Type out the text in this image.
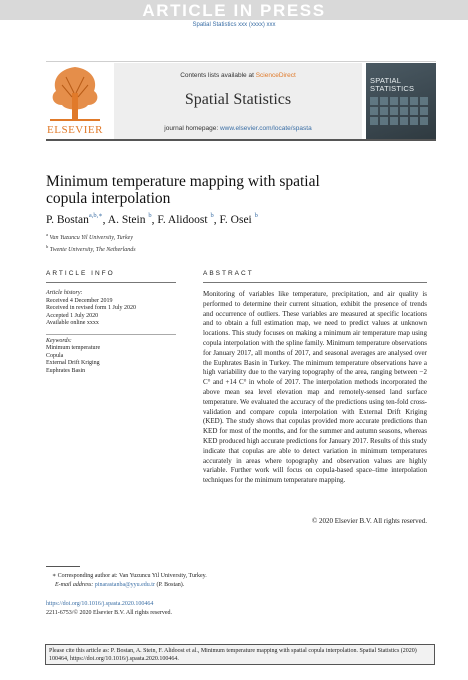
ARTICLE IN PRESS
Spatial Statistics xxx (xxxx) xxx
ELSEVIER
Contents lists available at ScienceDirect
Spatial Statistics
journal homepage: www.elsevier.com/locate/spasta
SPATIAL
STATISTICS
Minimum temperature mapping with spatial copula interpolation
P. Bostan$^{a,b,∗}$, A. Stein $^b$, F. Alidoost $^b$, F. Osei $^b$
$^a$ Van Yuzuncu Yil University, Turkey
$^b$ Twente University, The Netherlands
ARTICLE INFO	ABSTRACT
Article history:
Received 4 December 2019
Received in revised form 1 July 2020
Accepted 1 July 2020
Available online xxxx
Keywords:
Minimum temperature
Copula
External Drift Kriging
Euphrates Basin
Monitoring of variables like temperature, precipitation, and air quality is performed to determine their current situation, exhibit the presence of trends and occurrence of outliers. These variables are measured at specific locations and to obtain a full estimation map, we need to predict values at unknown locations. This study focuses on making a minimum air temperature map using copula interpolation with the spline family. Minimum temperature observations for January 2017, all months of 2017, and seasonal averages are analysed over the Euphrates Basin in Turkey. The minimum temperature observations have a high variability due to the varying topography of the area, ranging between −2 C° and +14 C° in whole of 2017. The interpolation methods incorporated the above mean sea level elevation map and remotely-sensed land surface temperature. We evaluated the accuracy of the predictions using ten-fold cross-validation and compare copula interpolation with External Drift Kriging (KED). The study shows that copulas provided more accurate predictions than KED for most of the months, and for the summer and autumn seasons, whereas KED produced high accurate predictions for January 2017. Results of this study indicate that copulas are able to detect variation in minimum temperatures accurately in areas where topography and observation values are highly variable. Further work will focus on copula-based space–time interpolation techniques for the minimum temperature mapping.
© 2020 Elsevier B.V. All rights reserved.
∗ Corresponding author at: Van Yuzuncu Yil University, Turkey.
E-mail address: pinarastanba@yyu.edu.tr (P. Bostan).
https://doi.org/10.1016/j.spasta.2020.100464
2211-6753/© 2020 Elsevier B.V. All rights reserved.
Please cite this article as: P. Bostan, A. Stein, F. Alidoost et al., Minimum temperature mapping with spatial copula interpolation. Spatial Statistics (2020) 100464, https://doi.org/10.1016/j.spasta.2020.100464.
